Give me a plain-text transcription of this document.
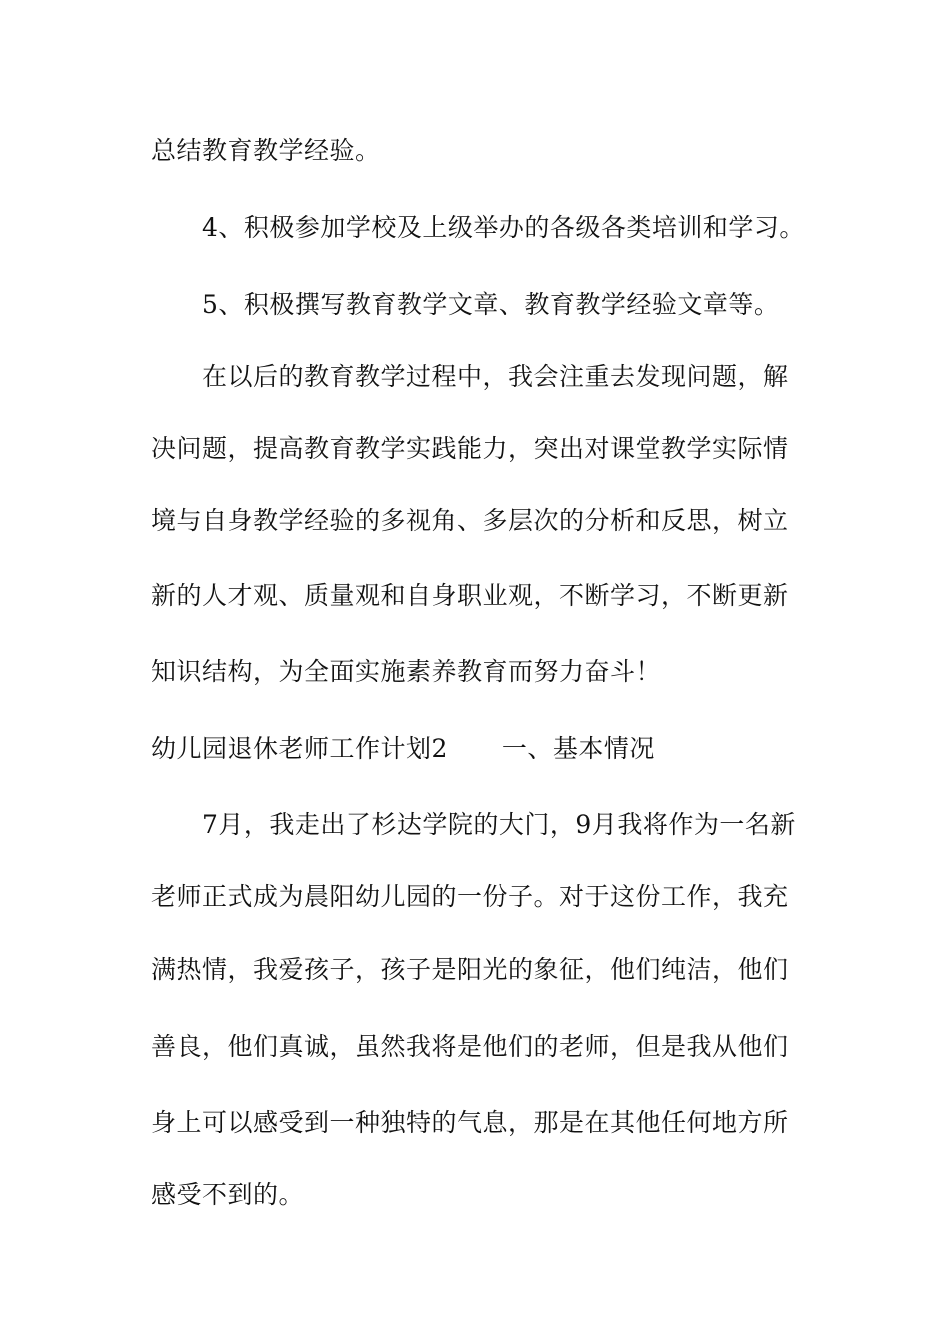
总结教育教学经验。
4、积极参加学校及上级举办的各级各类培训和学习。
5、积极撰写教育教学文章、教育教学经验文章等。
在以后的教育教学过程中，我会注重去发现问题，解
决问题，提高教育教学实践能力，突出对课堂教学实际情
境与自身教学经验的多视角、多层次的分析和反思，树立
新的人才观、质量观和自身职业观，不断学习，不断更新
知识结构，为全面实施素养教育而努力奋斗！
幼儿园退休老师工作计划2 一、基本情况
7月，我走出了杉达学院的大门，9月我将作为一名新
老师正式成为晨阳幼儿园的一份子。对于这份工作，我充
满热情，我爱孩子，孩子是阳光的象征，他们纯洁，他们
善良，他们真诚，虽然我将是他们的老师，但是我从他们
身上可以感受到一种独特的气息，那是在其他任何地方所
感受不到的。
